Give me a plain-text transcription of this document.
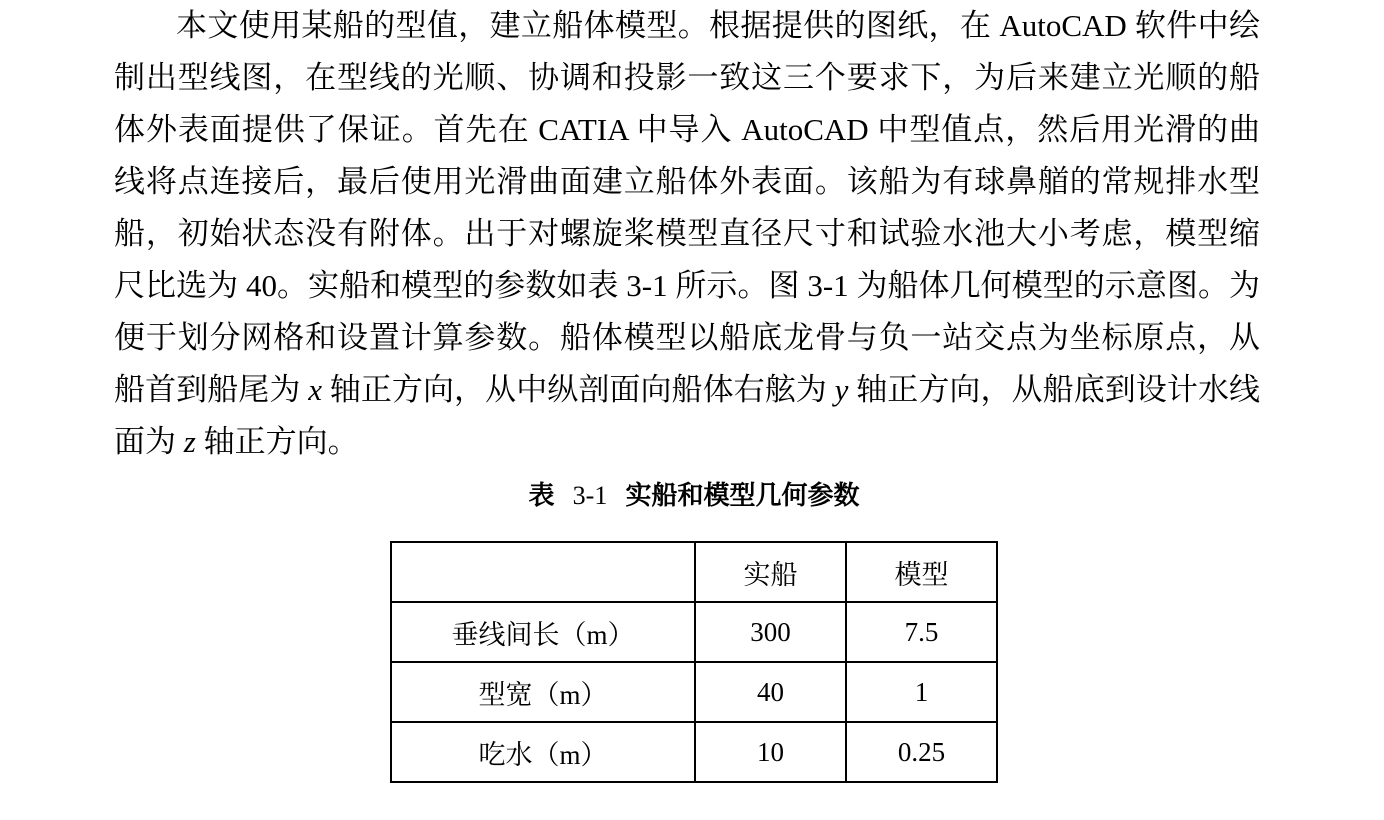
本文使用某船的型值，建立船体模型。根据提供的图纸，在 AutoCAD 软件中绘制出型线图，在型线的光顺、协调和投影一致这三个要求下，为后来建立光顺的船体外表面提供了保证。首先在 CATIA 中导入 AutoCAD 中型值点，然后用光滑的曲线将点连接后，最后使用光滑曲面建立船体外表面。该船为有球鼻艏的常规排水型船，初始状态没有附体。出于对螺旋桨模型直径尺寸和试验水池大小考虑，模型缩尺比选为 40。实船和模型的参数如表 3-1 所示。图 3-1 为船体几何模型的示意图。为便于划分网格和设置计算参数。船体模型以船底龙骨与负一站交点为坐标原点，从船首到船尾为 x 轴正方向，从中纵剖面向船体右舷为 y 轴正方向，从船底到设计水线面为 z 轴正方向。

表 3-1 实船和模型几何参数
	实船	模型
垂线间长（m）	300	7.5
型宽（m）	40	1
吃水（m）	10	0.25
